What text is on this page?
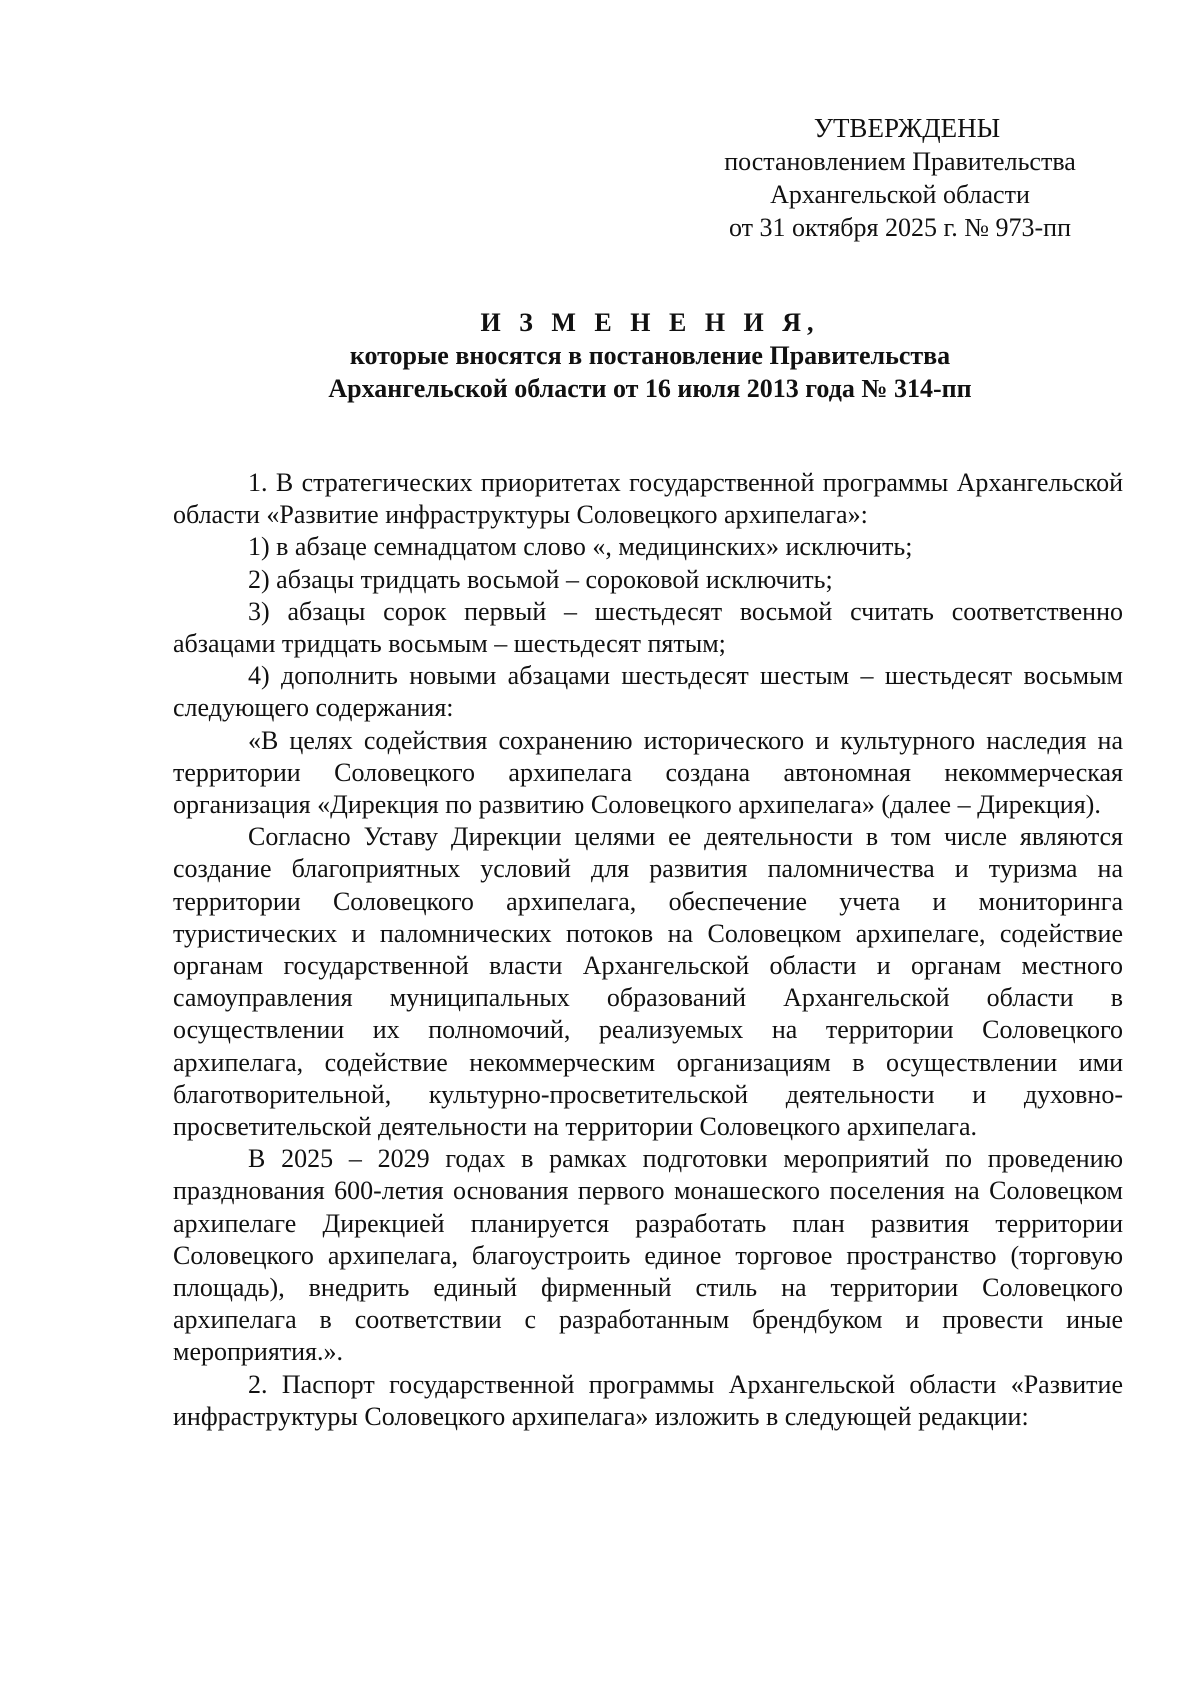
УТВЕРЖДЕНЫ
постановлением Правительства
Архангельской области
от 31 октября 2025 г. № 973-пп
И З М Е Н Е Н И Я,
которые вносятся в постановление Правительства
Архангельской области от 16 июля 2013 года № 314-пп

1. В стратегических приоритетах государственной программы Архангельской области «Развитие инфраструктуры Соловецкого архипелага»:

1) в абзаце семнадцатом слово «, медицинских» исключить;

2) абзацы тридцать восьмой – сороковой исключить;

3) абзацы сорок первый – шестьдесят восьмой считать соответственно абзацами тридцать восьмым – шестьдесят пятым;

4) дополнить новыми абзацами шестьдесят шестым – шестьдесят восьмым следующего содержания:

«В целях содействия сохранению исторического и культурного наследия на территории Соловецкого архипелага создана автономная некоммерческая организация «Дирекция по развитию Соловецкого архипелага» (далее – Дирекция).

Согласно Уставу Дирекции целями ее деятельности в том числе являются создание благоприятных условий для развития паломничества и туризма на территории Соловецкого архипелага, обеспечение учета и мониторинга туристических и паломнических потоков на Соловецком архипелаге, содействие органам государственной власти Архангельской области и органам местного самоуправления муниципальных образований Архангельской области в осуществлении их полномочий, реализуемых на территории Соловецкого архипелага, содействие некоммерческим организациям в осуществлении ими благотворительной, культурно-просветительской деятельности и духовно-просветительской деятельности на территории Соловецкого архипелага.

В 2025 – 2029 годах в рамках подготовки мероприятий по проведению празднования 600-летия основания первого монашеского поселения на Соловецком архипелаге Дирекцией планируется разработать план развития территории Соловецкого архипелага, благоустроить единое торговое пространство (торговую площадь), внедрить единый фирменный стиль на территории Соловецкого архипелага в соответствии с разработанным брендбуком и провести иные мероприятия.».

2. Паспорт государственной программы Архангельской области «Развитие инфраструктуры Соловецкого архипелага» изложить в следующей редакции:
